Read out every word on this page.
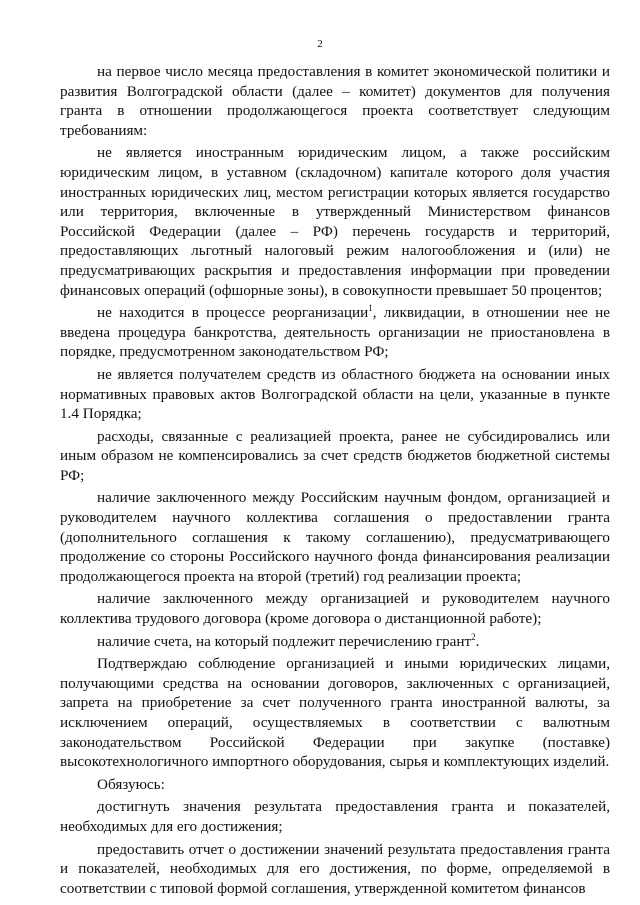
2

на первое число месяца предоставления в комитет экономической политики и развития Волгоградской области (далее – комитет) документов для получения гранта в отношении продолжающегося проекта соответствует следующим требованиям:

не является иностранным юридическим лицом, а также российским юридическим лицом, в уставном (складочном) капитале которого доля участия иностранных юридических лиц, местом регистрации которых является государство или территория, включенные в утвержденный Министерством финансов Российской Федерации (далее – РФ) перечень государств и территорий, предоставляющих льготный налоговый режим налогообложения и (или) не предусматривающих раскрытия и предоставления информации при проведении финансовых операций (офшорные зоны), в совокупности превышает 50 процентов;

не находится в процессе реорганизации$^1$, ликвидации, в отношении нее не введена процедура банкротства, деятельность организации не приостановлена в порядке, предусмотренном законодательством РФ;

не является получателем средств из областного бюджета на основании иных нормативных правовых актов Волгоградской области на цели, указанные в пункте 1.4 Порядка;

расходы, связанные с реализацией проекта, ранее не субсидировались или иным образом не компенсировались за счет средств бюджетов бюджетной системы РФ;

наличие заключенного между Российским научным фондом, организацией и руководителем научного коллектива соглашения о предоставлении гранта (дополнительного соглашения к такому соглашению), предусматривающего продолжение со стороны Российского научного фонда финансирования реализации продолжающегося проекта на второй (третий) год реализации проекта;

наличие заключенного между организацией и руководителем научного коллектива трудового договора (кроме договора о дистанционной работе);

наличие счета, на который подлежит перечислению грант$^2$.

Подтверждаю соблюдение организацией и иными юридических лицами, получающими средства на основании договоров, заключенных с организацией, запрета на приобретение за счет полученного гранта иностранной валюты, за исключением операций, осуществляемых в соответствии с валютным законодательством Российской Федерации при закупке (поставке) высокотехнологичного импортного оборудования, сырья и комплектующих изделий.

Обязуюсь:

достигнуть значения результата предоставления гранта и показателей, необходимых для его достижения;

предоставить отчет о достижении значений результата предоставления гранта и показателей, необходимых для его достижения, по форме, определяемой в соответствии с типовой формой соглашения, утвержденной комитетом финансов
